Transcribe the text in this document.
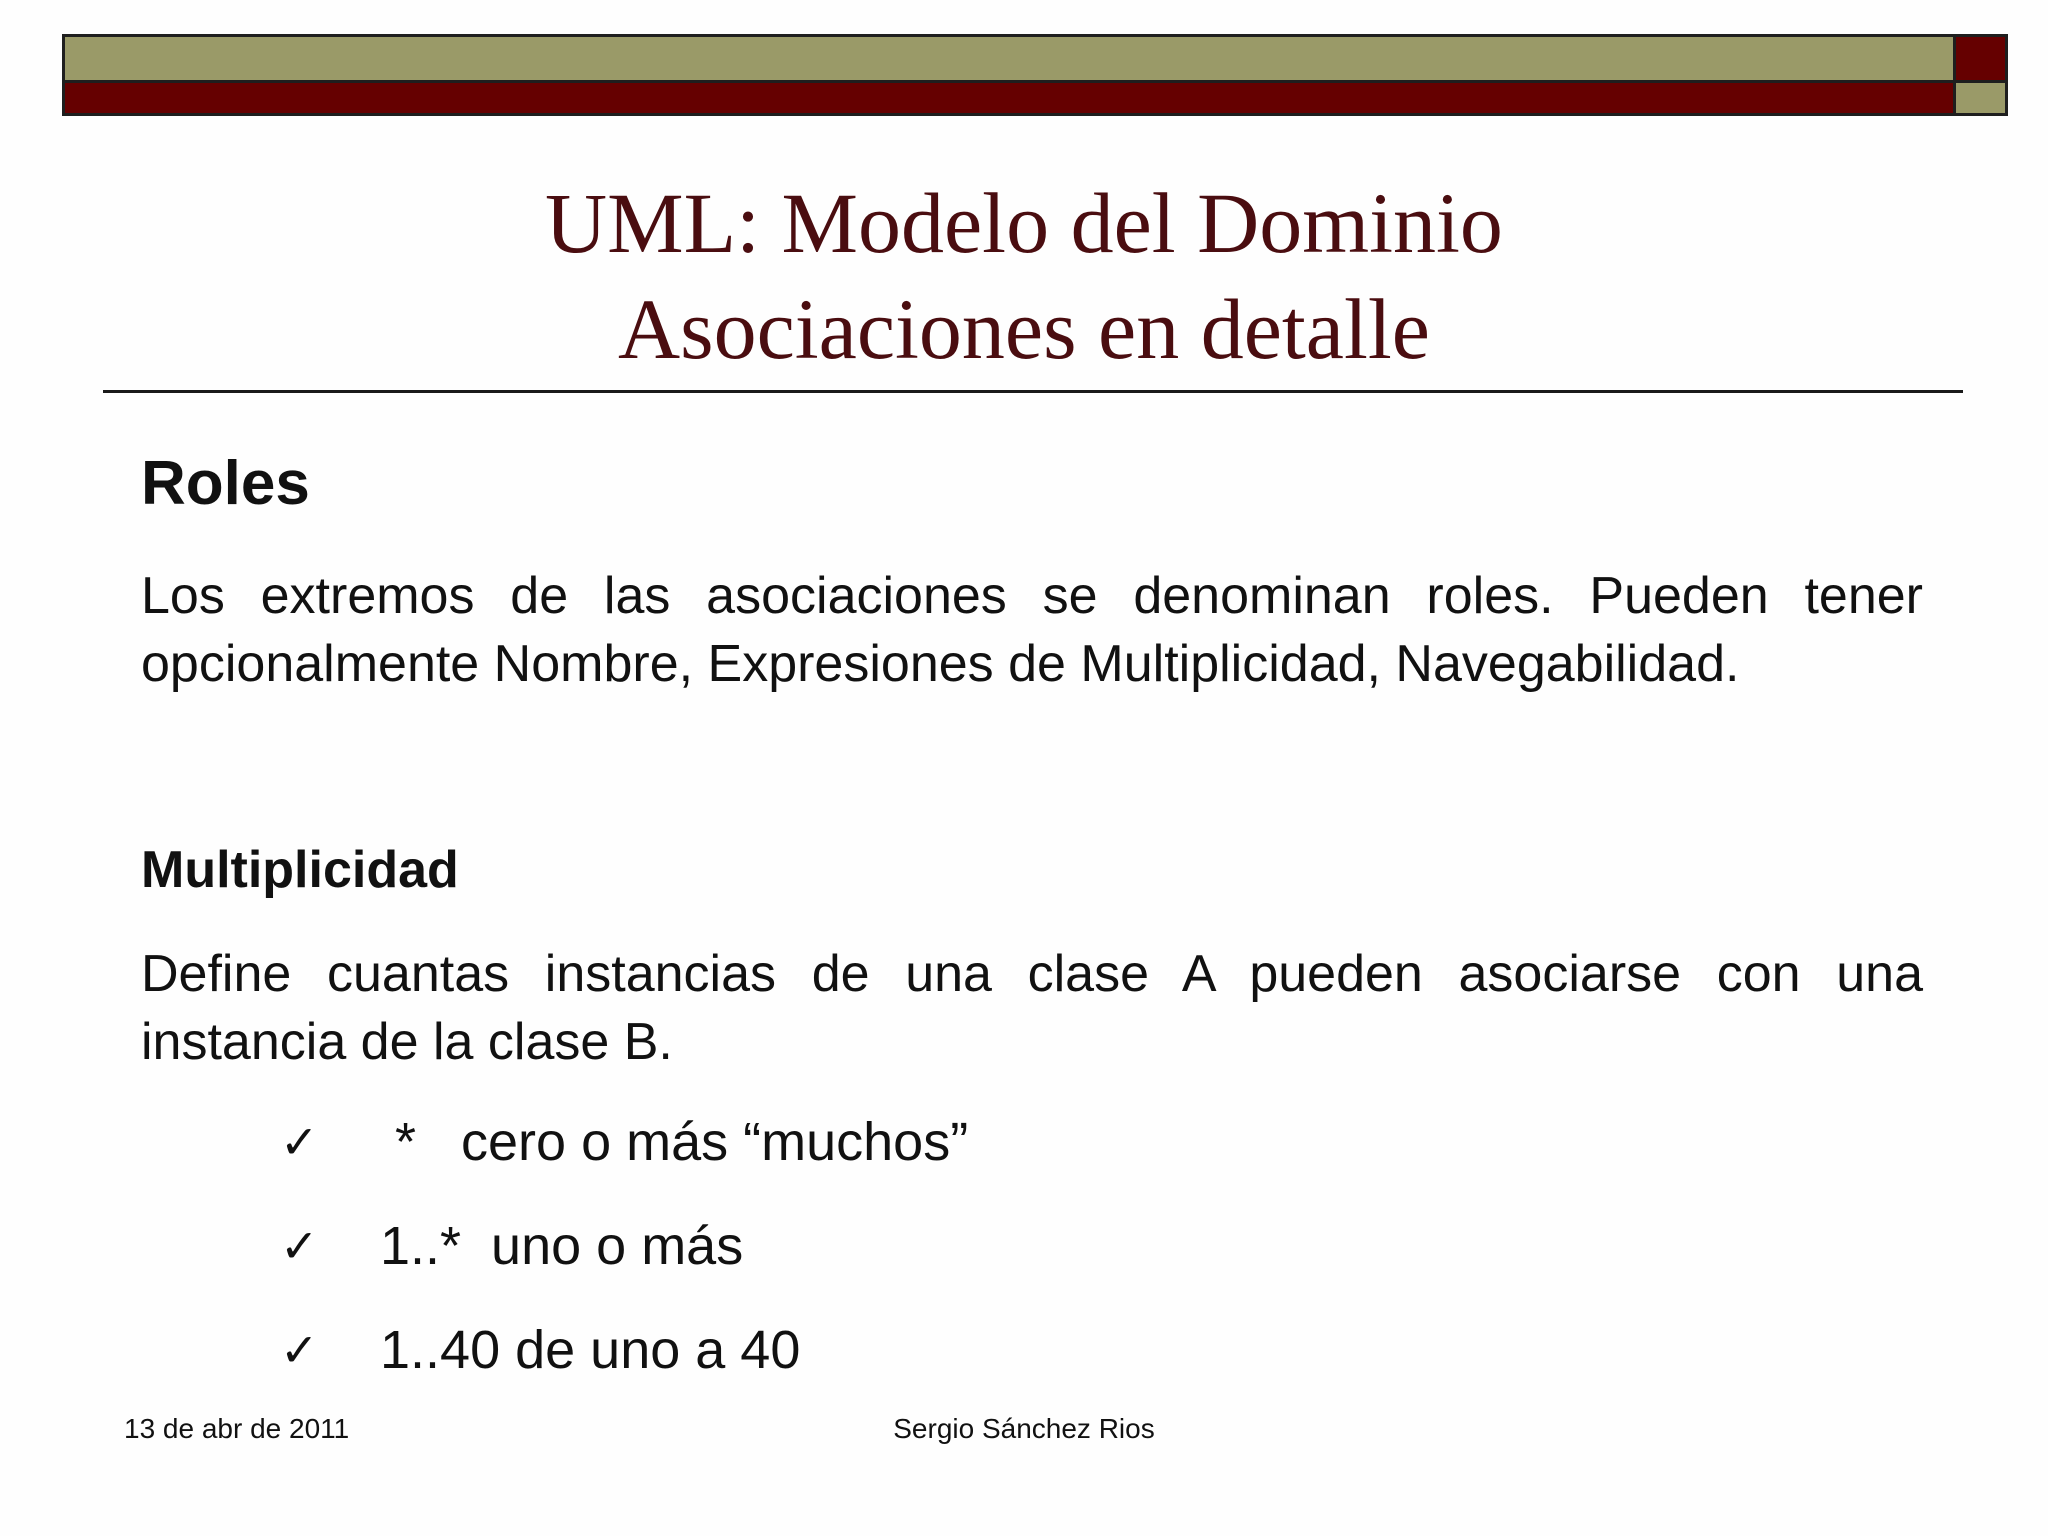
UML: Modelo del Dominio
Asociaciones en detalle
Roles
Los extremos de las asociaciones se denominan roles. Pueden tener opcionalmente Nombre, Expresiones de Multiplicidad, Navegabilidad.
Multiplicidad
Define cuantas instancias de una clase A pueden asociarse con una instancia de la clase B.
✓	*   cero o más “muchos”
✓	1..*  uno o más
✓	1..40 de uno a 40
13 de abr de 2011	Sergio Sánchez Rios
